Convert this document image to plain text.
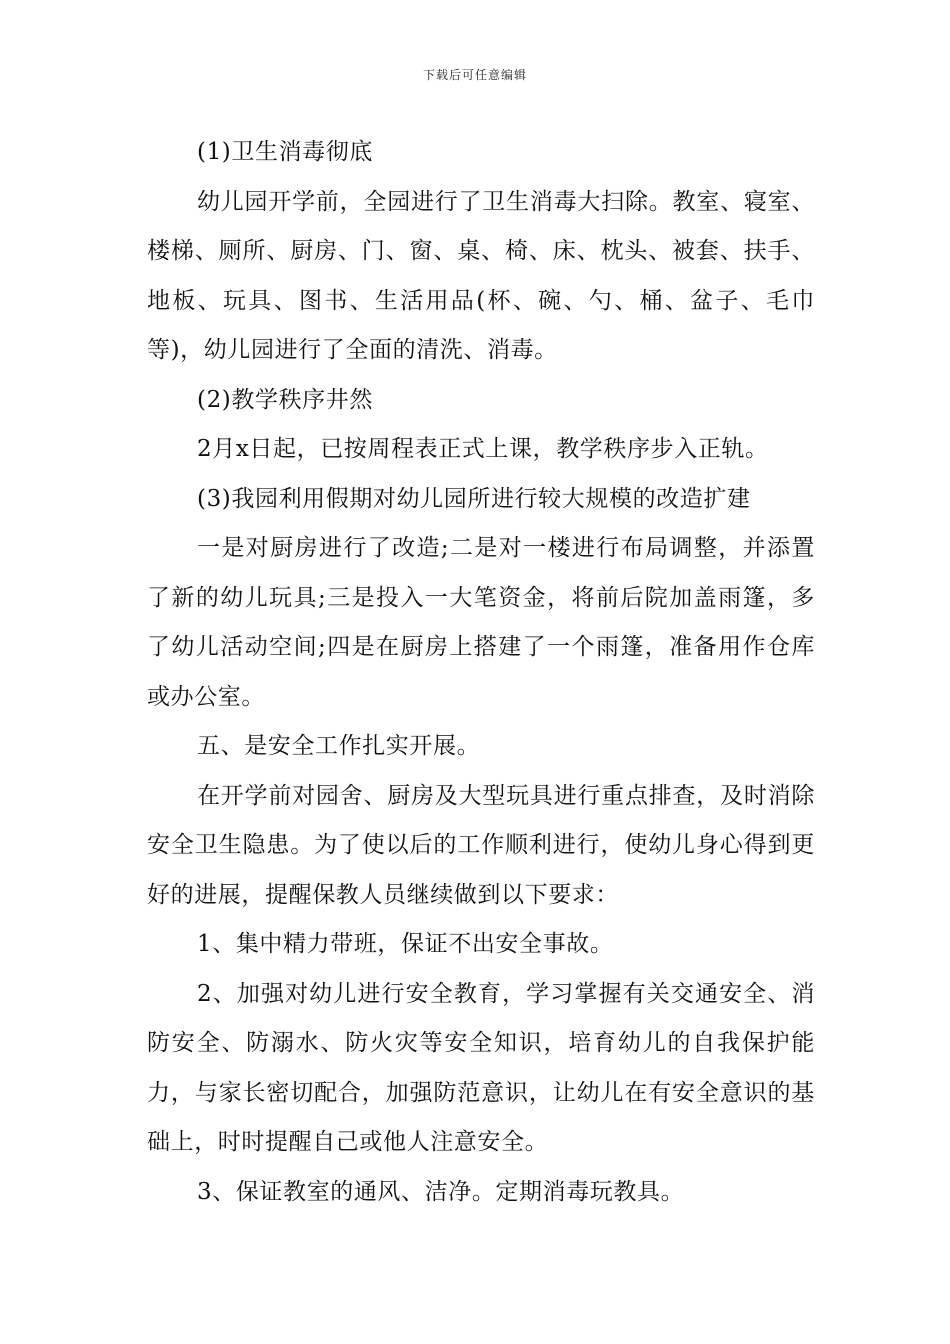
下载后可任意编辑

(1)卫生消毒彻底

幼儿园开学前，全园进行了卫生消毒大扫除。教室、寝室、楼梯、厕所、厨房、门、窗、桌、椅、床、枕头、被套、扶手、地板、玩具、图书、生活用品(杯、碗、勺、桶、盆子、毛巾等)，幼儿园进行了全面的清洗、消毒。

(2)教学秩序井然

2月x日起，已按周程表正式上课，教学秩序步入正轨。

(3)我园利用假期对幼儿园所进行较大规模的改造扩建

一是对厨房进行了改造;二是对一楼进行布局调整，并添置了新的幼儿玩具;三是投入一大笔资金，将前后院加盖雨篷，多了幼儿活动空间;四是在厨房上搭建了一个雨篷，准备用作仓库或办公室。

五、是安全工作扎实开展。

在开学前对园舍、厨房及大型玩具进行重点排查，及时消除安全卫生隐患。为了使以后的工作顺利进行，使幼儿身心得到更好的进展，提醒保教人员继续做到以下要求：

1、集中精力带班，保证不出安全事故。

2、加强对幼儿进行安全教育，学习掌握有关交通安全、消防安全、防溺水、防火灾等安全知识，培育幼儿的自我保护能力，与家长密切配合，加强防范意识，让幼儿在有安全意识的基础上，时时提醒自己或他人注意安全。

3、保证教室的通风、洁净。定期消毒玩教具。
